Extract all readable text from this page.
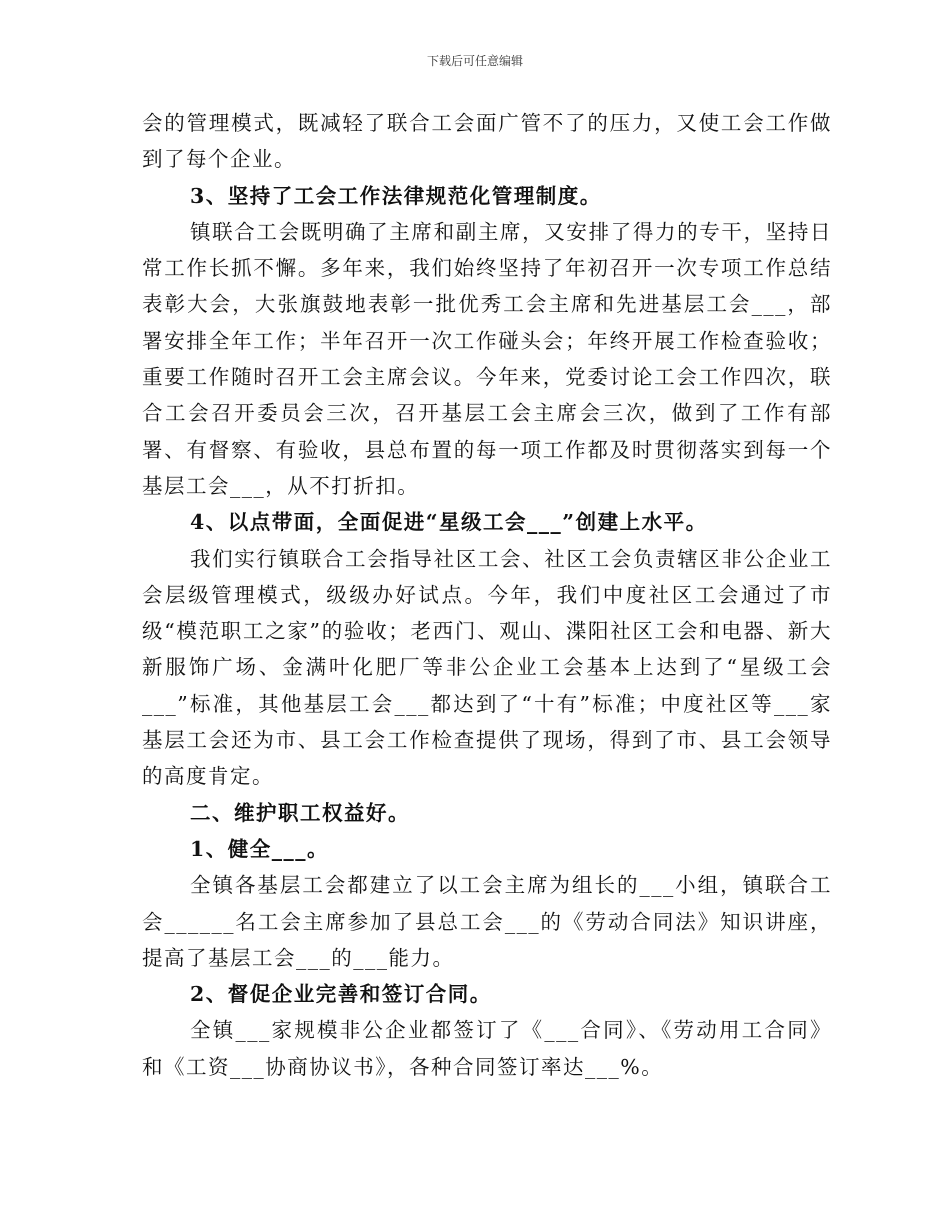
下载后可任意编辑

会的管理模式，既减轻了联合工会面广管不了的压力，又使工会工作做到了每个企业。

3、坚持了工会工作法律规范化管理制度。

镇联合工会既明确了主席和副主席，又安排了得力的专干，坚持日常工作长抓不懈。多年来，我们始终坚持了年初召开一次专项工作总结表彰大会，大张旗鼓地表彰一批优秀工会主席和先进基层工会___，部署安排全年工作；半年召开一次工作碰头会；年终开展工作检查验收；重要工作随时召开工会主席会议。今年来，党委讨论工会工作四次，联合工会召开委员会三次，召开基层工会主席会三次，做到了工作有部署、有督察、有验收，县总布置的每一项工作都及时贯彻落实到每一个基层工会___，从不打折扣。

4、以点带面，全面促进“星级工会___”创建上水平。

我们实行镇联合工会指导社区工会、社区工会负责辖区非公企业工会层级管理模式，级级办好试点。今年，我们中度社区工会通过了市级“模范职工之家”的验收；老西门、观山、渫阳社区工会和电器、新大新服饰广场、金满叶化肥厂等非公企业工会基本上达到了“星级工会___”标准，其他基层工会___都达到了“十有”标准；中度社区等___家基层工会还为市、县工会工作检查提供了现场，得到了市、县工会领导的高度肯定。

二、维护职工权益好。

1、健全___。

全镇各基层工会都建立了以工会主席为组长的___小组，镇联合工会______名工会主席参加了县总工会___的《劳动合同法》知识讲座，提高了基层工会___的___能力。

2、督促企业完善和签订合同。

全镇___家规模非公企业都签订了《___合同》、《劳动用工合同》和《工资___协商协议书》，各种合同签订率达___%。
